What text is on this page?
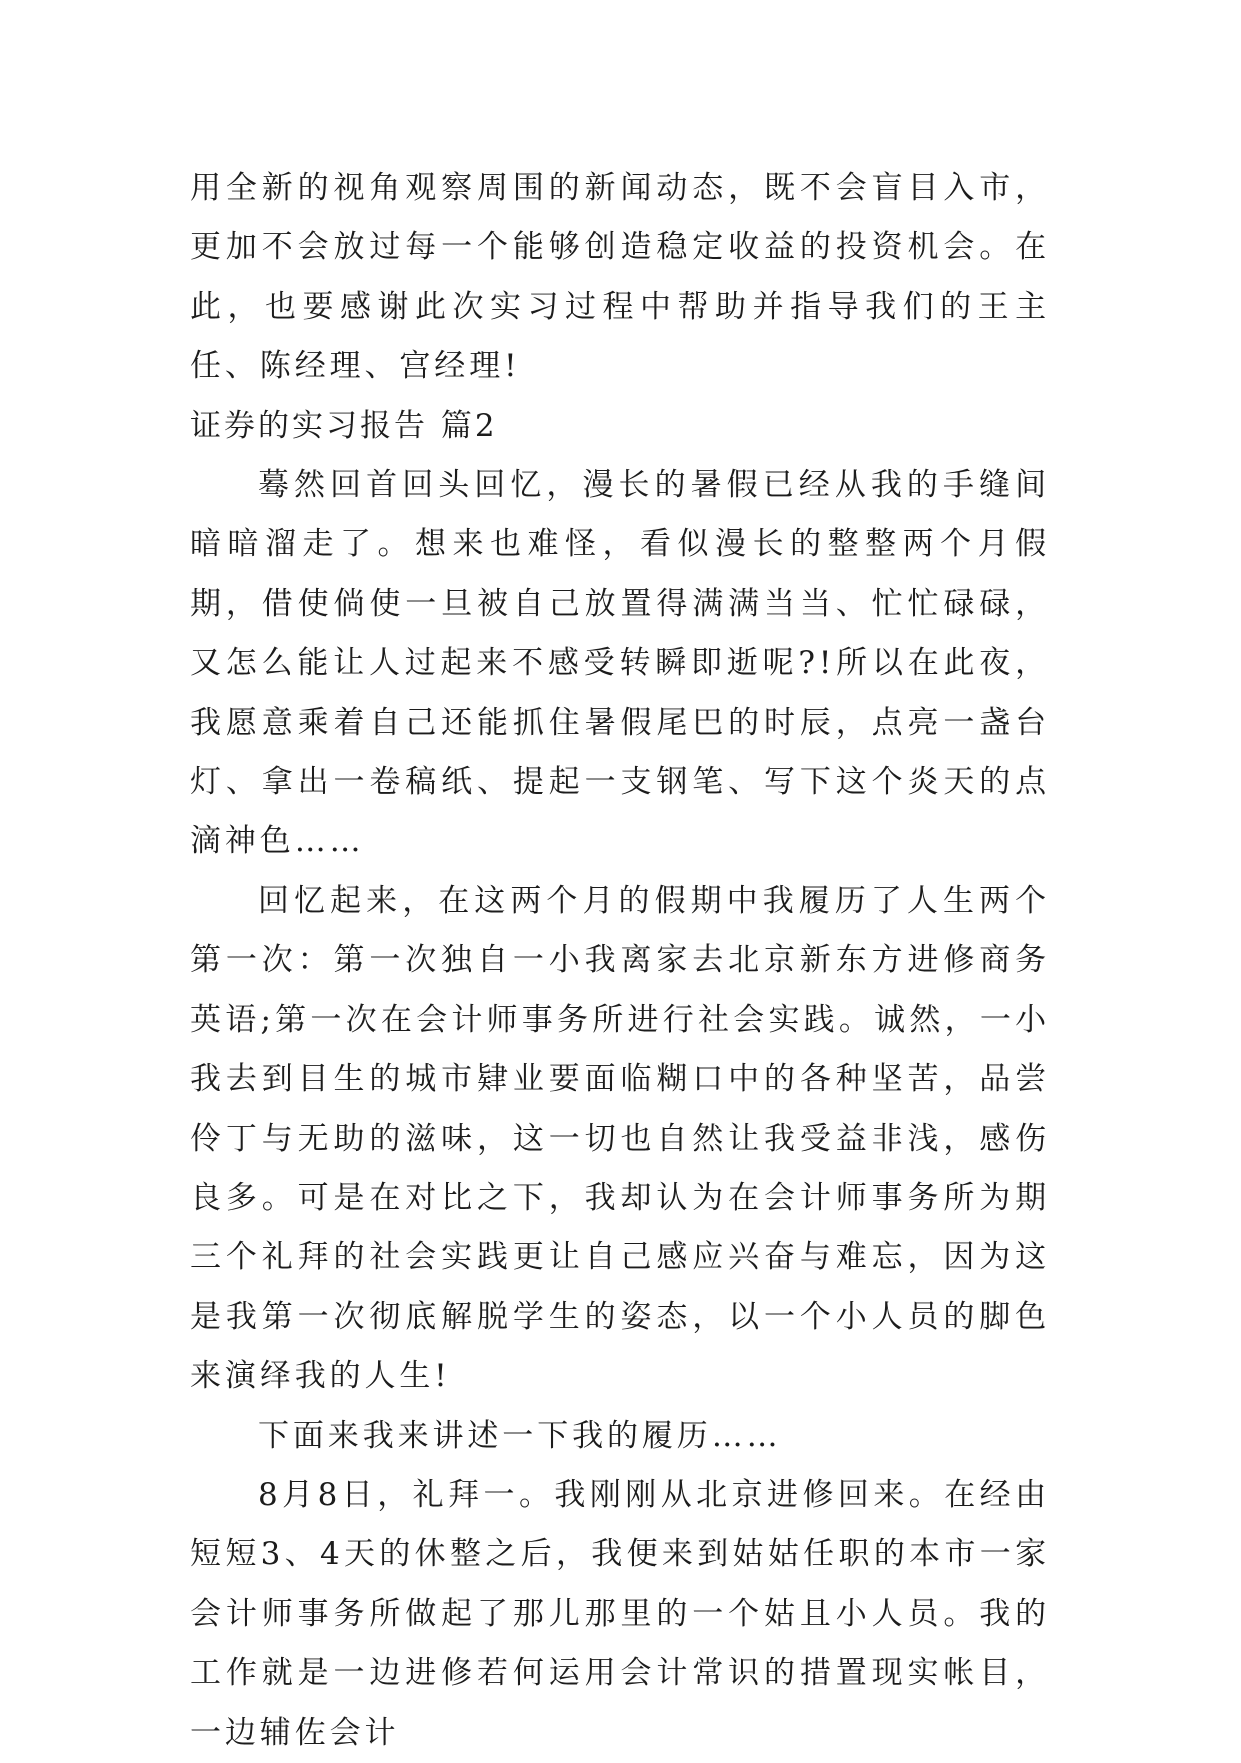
用全新的视角观察周围的新闻动态，既不会盲目入市，更加不会放过每一个能够创造稳定收益的投资机会。在此，也要感谢此次实习过程中帮助并指导我们的王主任、陈经理、宫经理!

证券的实习报告 篇2

蓦然回首回头回忆，漫长的暑假已经从我的手缝间暗暗溜走了。想来也难怪，看似漫长的整整两个月假期，借使倘使一旦被自己放置得满满当当、忙忙碌碌，又怎么能让人过起来不感受转瞬即逝呢?!所以在此夜，我愿意乘着自己还能抓住暑假尾巴的时辰，点亮一盏台灯、拿出一卷稿纸、提起一支钢笔、写下这个炎天的点滴神色……

回忆起来，在这两个月的假期中我履历了人生两个第一次：第一次独自一小我离家去北京新东方进修商务英语;第一次在会计师事务所进行社会实践。诚然，一小我去到目生的城市肄业要面临糊口中的各种坚苦，品尝伶丁与无助的滋味，这一切也自然让我受益非浅，感伤良多。可是在对比之下，我却认为在会计师事务所为期三个礼拜的社会实践更让自己感应兴奋与难忘，因为这是我第一次彻底解脱学生的姿态，以一个小人员的脚色来演绎我的人生!

下面来我来讲述一下我的履历……

8月8日，礼拜一。我刚刚从北京进修回来。在经由短短3、4天的休整之后，我便来到姑姑任职的本市一家会计师事务所做起了那儿那里的一个姑且小人员。我的工作就是一边进修若何运用会计常识的措置现实帐目，一边辅佐会计
